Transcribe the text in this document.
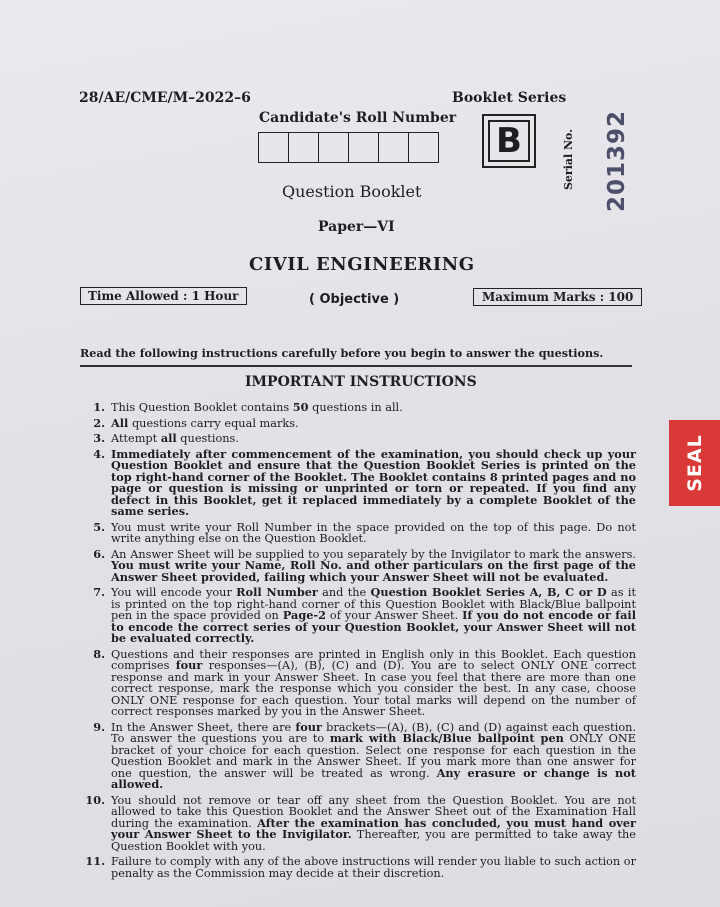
28/AE/CME/M–2022–6	Booklet Series
Candidate's Roll Number
B	Serial No. 201392
Question Booklet
Paper—VI
CIVIL ENGINEERING
Time Allowed : 1 Hour	( Objective )	Maximum Marks : 100
Read the following instructions carefully before you begin to answer the questions.
IMPORTANT INSTRUCTIONS
1. This Question Booklet contains 50 questions in all.
2. All questions carry equal marks.
3. Attempt all questions.
4. Immediately after commencement of the examination, you should check up your Question Booklet and ensure that the Question Booklet Series is printed on the top right-hand corner of the Booklet. The Booklet contains 8 printed pages and no page or question is missing or unprinted or torn or repeated. If you find any defect in this Booklet, get it replaced immediately by a complete Booklet of the same series.
5. You must write your Roll Number in the space provided on the top of this page. Do not write anything else on the Question Booklet.
6. An Answer Sheet will be supplied to you separately by the Invigilator to mark the answers. You must write your Name, Roll No. and other particulars on the first page of the Answer Sheet provided, failing which your Answer Sheet will not be evaluated.
7. You will encode your Roll Number and the Question Booklet Series A, B, C or D as it is printed on the top right-hand corner of this Question Booklet with Black/Blue ballpoint pen in the space provided on Page-2 of your Answer Sheet. If you do not encode or fail to encode the correct series of your Question Booklet, your Answer Sheet will not be evaluated correctly.
8. Questions and their responses are printed in English only in this Booklet. Each question comprises four responses—(A), (B), (C) and (D). You are to select ONLY ONE correct response and mark in your Answer Sheet. In case you feel that there are more than one correct response, mark the response which you consider the best. In any case, choose ONLY ONE response for each question. Your total marks will depend on the number of correct responses marked by you in the Answer Sheet.
9. In the Answer Sheet, there are four brackets—(A), (B), (C) and (D) against each question. To answer the questions you are to mark with Black/Blue ballpoint pen ONLY ONE bracket of your choice for each question. Select one response for each question in the Question Booklet and mark in the Answer Sheet. If you mark more than one answer for one question, the answer will be treated as wrong. Any erasure or change is not allowed.
10. You should not remove or tear off any sheet from the Question Booklet. You are not allowed to take this Question Booklet and the Answer Sheet out of the Examination Hall during the examination. After the examination has concluded, you must hand over your Answer Sheet to the Invigilator. Thereafter, you are permitted to take away the Question Booklet with you.
11. Failure to comply with any of the above instructions will render you liable to such action or penalty as the Commission may decide at their discretion.
SEAL
